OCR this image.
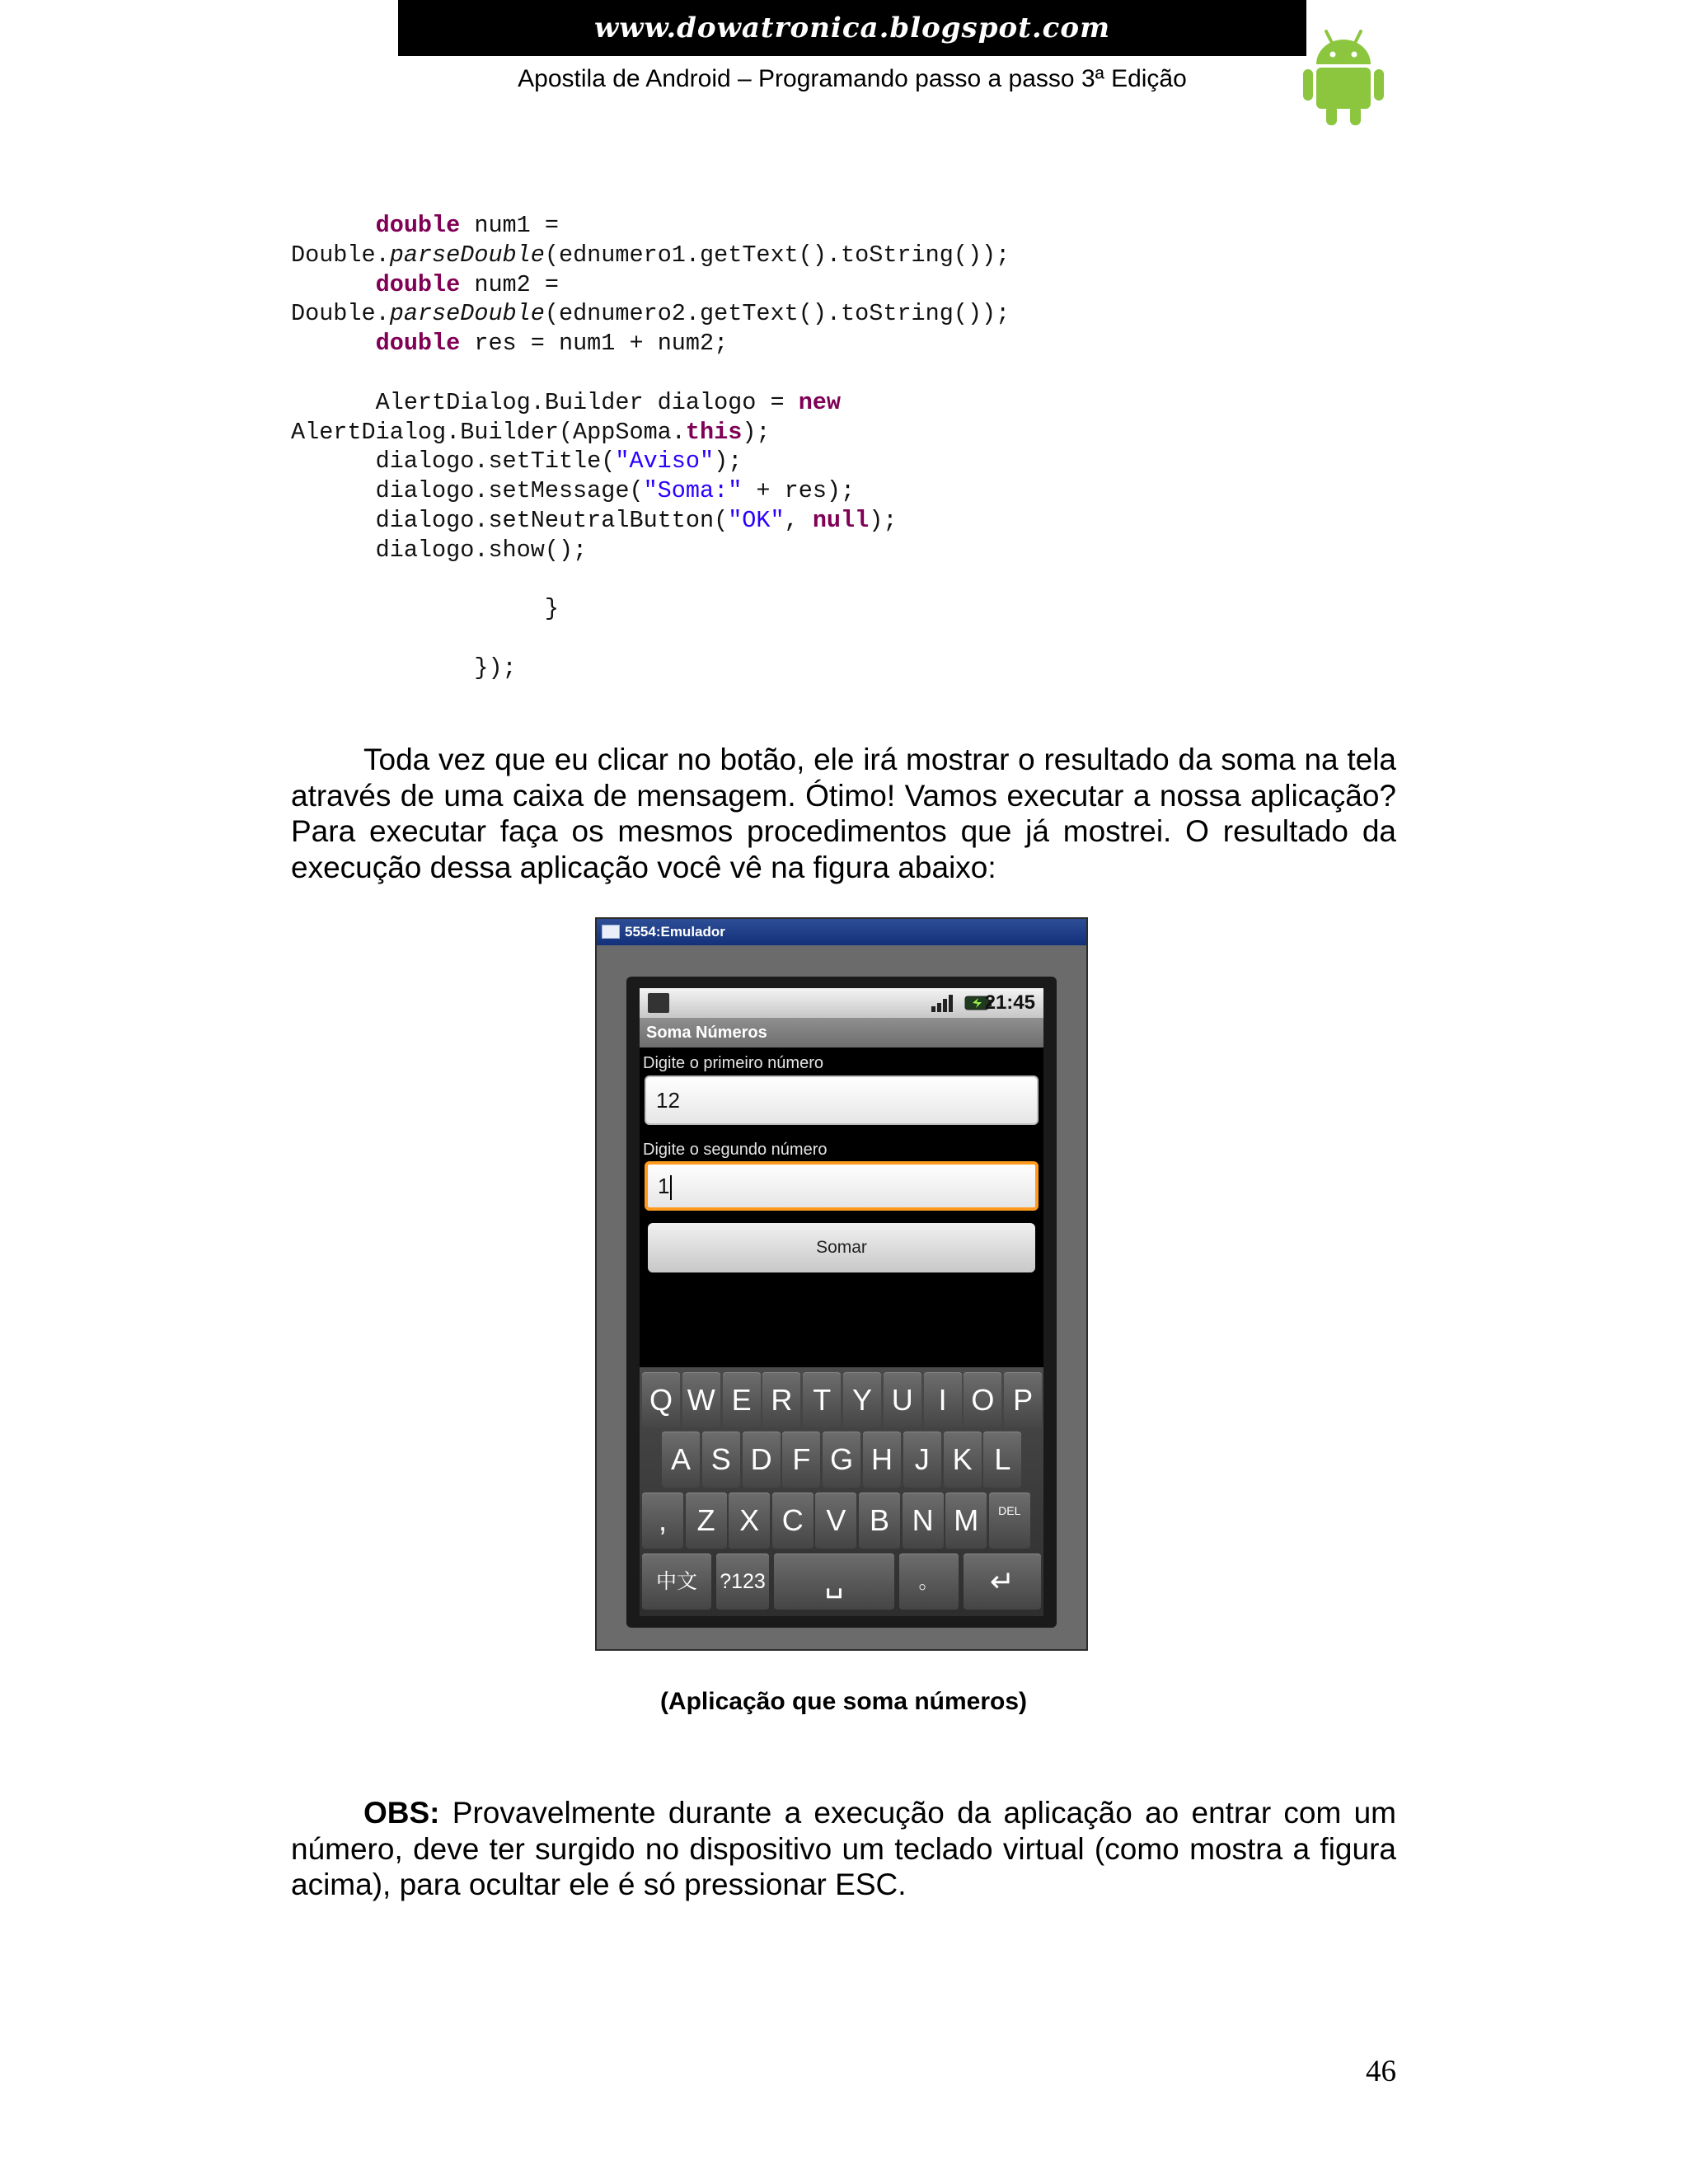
www.dowatronica.blogspot.com
Apostila de Android – Programando passo a passo 3ª Edição
double num1 =
Double.parseDouble(ednumero1.getText().toString());
double num2 =
Double.parseDouble(ednumero2.getText().toString());
double res = num1 + num2;
AlertDialog.Builder dialogo = new
AlertDialog.Builder(AppSoma.this);
dialogo.setTitle("Aviso");
dialogo.setMessage("Soma:" + res);
dialogo.setNeutralButton("OK", null);
dialogo.show();
}
});
Toda vez que eu clicar no botão, ele irá mostrar o resultado da soma na tela através de uma caixa de mensagem. Ótimo! Vamos executar a nossa aplicação? Para executar faça os mesmos procedimentos que já mostrei. O resultado da execução dessa aplicação você vê na figura abaixo:
5554:Emulador
21:45
Soma Números
Digite o primeiro número
12
Digite o segundo número
1
Somar
Q W E R T Y U I O P
A S D F G H J K L
,	Z X C V B N M	DEL
中文	?123	␣	。	↵
(Aplicação que soma números)
OBS: Provavelmente durante a execução da aplicação ao entrar com um número, deve ter surgido no dispositivo um teclado virtual (como mostra a figura acima), para ocultar ele é só pressionar ESC.
46
